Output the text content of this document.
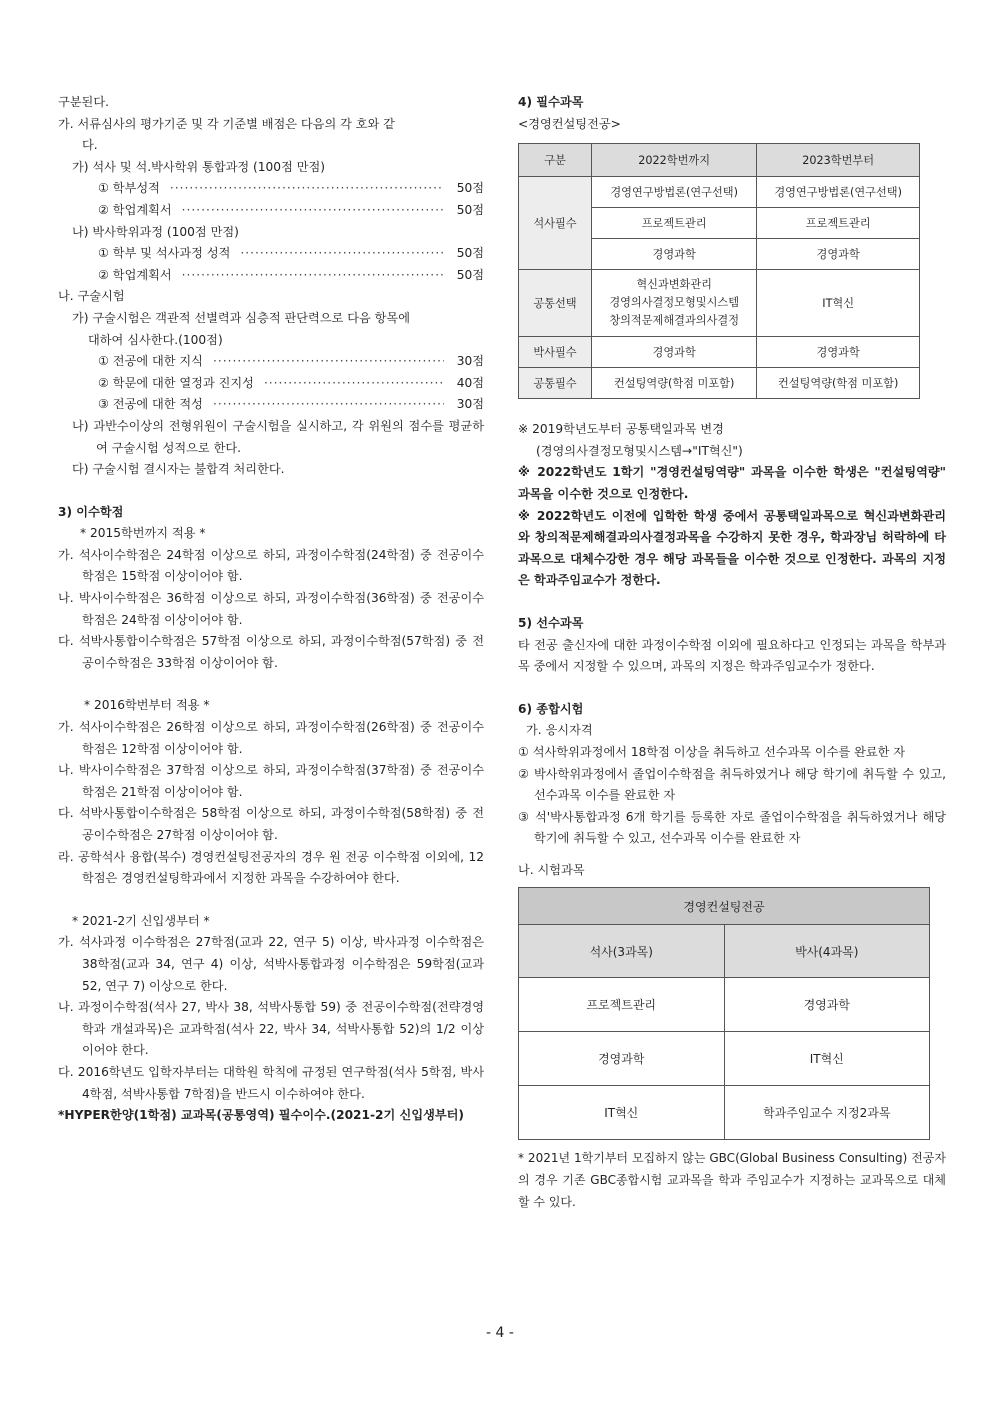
구분된다.
가. 서류심사의 평가기준 및 각 기준별 배점은 다음의 각 호와 같
다.
가) 석사 및 석.박사학위 통합과정 (100점 만점)
① 학부성적 ·····	50점
② 학업계획서 ·····	50점
나) 박사학위과정 (100점 만점)
① 학부 및 석사과정 성적 ·····	50점
② 학업계획서 ·····	50점
나. 구술시험
가) 구술시험은 객관적 선별력과 심층적 판단력으로 다음 항목에
대하여 심사한다.(100점)
① 전공에 대한 지식 ·····	30점
② 학문에 대한 열정과 진지성 ·····	40점
③ 전공에 대한 적성 ·····	30점
나) 과반수이상의 전형위원이 구술시험을 실시하고, 각 위원의 점수를 평균하여 구술시험 성적으로 한다.
다) 구술시험 결시자는 불합격 처리한다.
3) 이수학점
* 2015학번까지 적용 *
가. 석사이수학점은 24학점 이상으로 하되, 과정이수학점(24학점) 중 전공이수학점은 15학점 이상이어야 함.
나. 박사이수학점은 36학점 이상으로 하되, 과정이수학점(36학점) 중 전공이수학점은 24학점 이상이어야 함.
다. 석박사통합이수학점은 57학점 이상으로 하되, 과정이수학점(57학점) 중 전공이수학점은 33학점 이상이어야 함.
* 2016학번부터 적용 *
가. 석사이수학점은 26학점 이상으로 하되, 과정이수학점(26학점) 중 전공이수학점은 12학점 이상이어야 함.
나. 박사이수학점은 37학점 이상으로 하되, 과정이수학점(37학점) 중 전공이수학점은 21학점 이상이어야 함.
다. 석박사통합이수학점은 58학점 이상으로 하되, 과정이수학점(58학점) 중 전공이수학점은 27학점 이상이어야 함.
라. 공학석사 융합(복수) 경영컨설팅전공자의 경우 원 전공 이수학점 이외에, 12학점은 경영컨설팅학과에서 지정한 과목을 수강하여야 한다.
* 2021-2기 신입생부터 *
가. 석사과정 이수학점은 27학점(교과 22, 연구 5) 이상, 박사과정 이수학점은 38학점(교과 34, 연구 4) 이상, 석박사통합과정 이수학점은 59학점(교과 52, 연구 7) 이상으로 한다.
나. 과정이수학점(석사 27, 박사 38, 석박사통합 59) 중 전공이수학점(전략경영학과 개설과목)은 교과학점(석사 22, 박사 34, 석박사통합 52)의 1/2 이상이어야 한다.
다. 2016학년도 입학자부터는 대학원 학칙에 규정된 연구학점(석사 5학점, 박사 4학점, 석박사통합 7학점)을 반드시 이수하여야 한다.
*HYPER한양(1학점) 교과목(공통영역) 필수이수.(2021-2기 신입생부터)
4) 필수과목
<경영컨설팅전공>
구분	2022학번까지	2023학번부터
석사필수	경영연구방법론(연구선택)	경영연구방법론(연구선택)
	프로젝트관리	프로젝트관리
	경영과학	경영과학
공통선택	혁신과변화관리
경영의사결정모형및시스템
창의적문제해결과의사결정	IT혁신
박사필수	경영과학	경영과학
공통필수	컨설팅역량(학점 미포함)	컨설팅역량(학점 미포함)
※ 2019학년도부터 공통택일과목 변경
(경영의사결정모형및시스템→"IT혁신")
※ 2022학년도 1학기 "경영컨설팅역량" 과목을 이수한 학생은 "컨설팅역량" 과목을 이수한 것으로 인정한다.
※ 2022학년도 이전에 입학한 학생 중에서 공통택일과목으로 혁신과변화관리와 창의적문제해결과의사결정과목을 수강하지 못한 경우, 학과장님 허락하에 타과목으로 대체수강한 경우 해당 과목들을 이수한 것으로 인정한다. 과목의 지정은 학과주임교수가 정한다.
5) 선수과목
타 전공 출신자에 대한 과정이수학점 이외에 필요하다고 인정되는 과목을 학부과목 중에서 지정할 수 있으며, 과목의 지정은 학과주임교수가 정한다.
6) 종합시험
가. 응시자격
① 석사학위과정에서 18학점 이상을 취득하고 선수과목 이수를 완료한 자
② 박사학위과정에서 졸업이수학점을 취득하였거나 해당 학기에 취득할 수 있고, 선수과목 이수를 완료한 자
③ 석'박사통합과정 6개 학기를 등록한 자로 졸업이수학점을 취득하였거나 해당 학기에 취득할 수 있고, 선수과목 이수를 완료한 자
나. 시험과목
경영컨설팅전공	
석사(3과목)	박사(4과목)
프로젝트관리	경영과학
경영과학	IT혁신
IT혁신	학과주임교수 지정2과목
* 2021년 1학기부터 모집하지 않는 GBC(Global Business Consulting) 전공자의 경우 기존 GBC종합시험 교과목을 학과 주임교수가 지정하는 교과목으로 대체할 수 있다.
- 4 -
